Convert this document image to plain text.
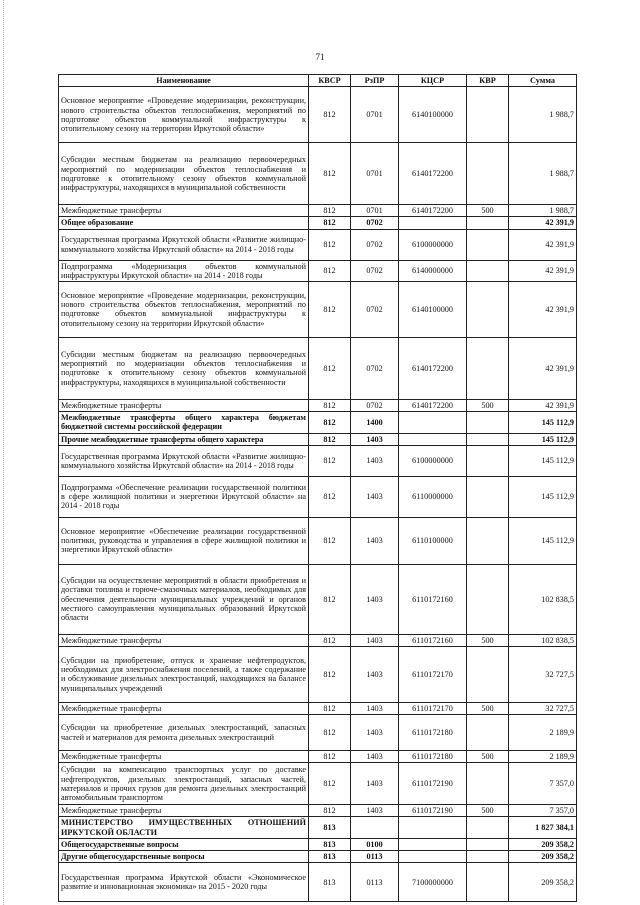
71
Наименование	КВСР	РзПР	КЦСР	КВР	Сумма
Основное мероприятие «Проведение модернизации, реконструкции, нового строительства объектов теплоснабжения, мероприятий по подготовке объектов коммунальной инфраструктуры к отопительному сезону на территории Иркутской области»	812	0701	6140100000		1 988,7
Субсидии местным бюджетам на реализацию первоочередных мероприятий по модернизации объектов теплоснабжения и подготовке к отопительному сезону объектов коммунальной инфраструктуры, находящихся в муниципальной собственности	812	0701	6140172200		1 988,7
Межбюджетные трансферты	812	0701	6140172200	500	1 988,7
Общее образование	812	0702			42 391,9
Государственная программа Иркутской области «Развитие жилищно-коммунального хозяйства Иркутской области» на 2014 - 2018 годы	812	0702	6100000000		42 391,9
Подпрограмма «Модернизация объектов коммунальной инфраструктуры Иркутской области» на 2014 - 2018 годы	812	0702	6140000000		42 391,9
Основное мероприятие «Проведение модернизации, реконструкции, нового строительства объектов теплоснабжения, мероприятий по подготовке объектов коммунальной инфраструктуры к отопительному сезону на территории Иркутской области»	812	0702	6140100000		42 391,9
Субсидии местным бюджетам на реализацию первоочередных мероприятий по модернизации объектов теплоснабжения и подготовке к отопительному сезону объектов коммунальной инфраструктуры, находящихся в муниципальной собственности	812	0702	6140172200		42 391,9
Межбюджетные трансферты	812	0702	6140172200	500	42 391,9
Межбюджетные трансферты общего характера бюджетам бюджетной системы российской федерации	812	1400			145 112,9
Прочие межбюджетные трансферты общего характера	812	1403			145 112,9
Государственная программа Иркутской области «Развитие жилищно-коммунального хозяйства Иркутской области» на 2014 - 2018 годы	812	1403	6100000000		145 112,9
Подпрограмма «Обеспечение реализации государственной политики в сфере жилищной политики и энергетики Иркутской области» на 2014 - 2018 годы	812	1403	6110000000		145 112,9
Основное мероприятие «Обеспечение реализации государственной политики, руководства и управления в сфере жилищной политики и энергетики Иркутской области»	812	1403	6110100000		145 112,9
Субсидии на осуществление мероприятий в области приобретения и доставки топлива и горюче-смазочных материалов, необходимых для обеспечения деятельности муниципальных учреждений и органов местного самоуправления муниципальных образований Иркутской области	812	1403	6110172160		102 838,5
Межбюджетные трансферты	812	1403	6110172160	500	102 838,5
Субсидии на приобретение, отпуск и хранение нефтепродуктов, необходимых для электроснабжения поселений, а также содержание и обслуживание дизельных электростанций, находящихся на балансе муниципальных учреждений	812	1403	6110172170		32 727,5
Межбюджетные трансферты	812	1403	6110172170	500	32 727,5
Субсидии на приобретение дизельных электростанций, запасных частей и материалов для ремонта дизельных электростанций	812	1403	6110172180		2 189,9
Межбюджетные трансферты	812	1403	6110172180	500	2 189,9
Субсидии на компенсацию транспортных услуг по доставке нефтепродуктов, дизельных электростанций, запасных частей, материалов и прочих грузов для ремонта дизельных электростанций автомобильным транспортом	812	1403	6110172190		7 357,0
Межбюджетные трансферты	812	1403	6110172190	500	7 357,0
МИНИСТЕРСТВО ИМУЩЕСТВЕННЫХ ОТНОШЕНИЙ ИРКУТСКОЙ ОБЛАСТИ	813				1 827 384,1
Общегосударственные вопросы	813	0100			209 358,2
Другие общегосударственные вопросы	813	0113			209 358,2
Государственная программа Иркутской области «Экономическое развитие и инновационная экономика» на 2015 - 2020 годы	813	0113	7100000000		209 358,2
